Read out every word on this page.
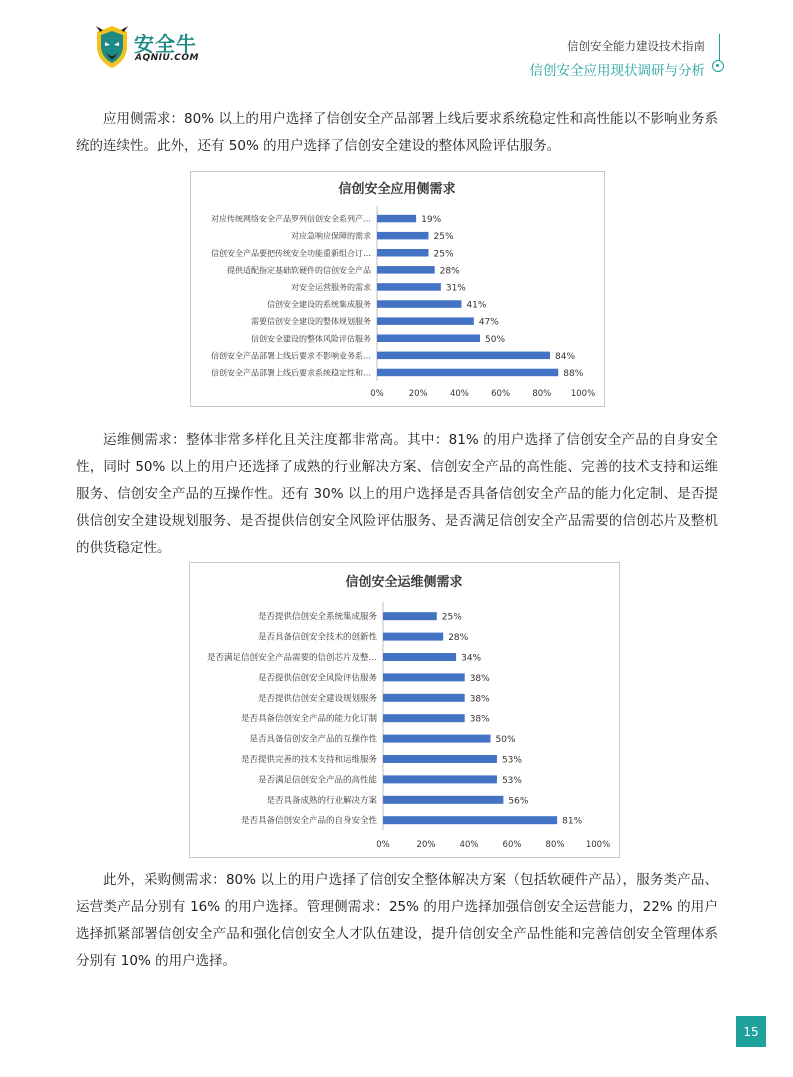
安全牛
AQNIU.COM
信创安全能力建设技术指南
信创安全应用现状调研与分析

应用侧需求：80% 以上的用户选择了信创安全产品部署上线后要求系统稳定性和高性能以不影响业务系统的连续性。此外，还有 50% 的用户选择了信创安全建设的整体风险评估服务。

信创安全应用侧需求
对应传统网络安全产品罗列信创安全系列产…	19%
对应急响应保障的需求	25%
信创安全产品要把传统安全功能重新组合订…	25%
提供适配指定基础软硬件的信创安全产品	28%
对安全运营服务的需求	31%
信创安全建设的系统集成服务	41%
需要信创安全建设的整体规划服务	47%
信创安全建设的整体风险评估服务	50%
信创安全产品部署上线后要求不影响业务系…	84%
信创安全产品部署上线后要求系统稳定性和…	88%
0%	20%	40%	60%	80% 100%

运维侧需求：整体非常多样化且关注度都非常高。其中：81% 的用户选择了信创安全产品的自身安全性，同时 50% 以上的用户还选择了成熟的行业解决方案、信创安全产品的高性能、完善的技术支持和运维服务、信创安全产品的互操作性。还有 30% 以上的用户选择是否具备信创安全产品的能力化定制、是否提供信创安全建设规划服务、是否提供信创安全风险评估服务、是否满足信创安全产品需要的信创芯片及整机的供货稳定性。

信创安全运维侧需求
是否提供信创安全系统集成服务	25%
是否具备信创安全技术的创新性	28%
是否满足信创安全产品需要的信创芯片及整…	34%
是否提供信创安全风险评估服务	38%
是否提供信创安全建设规划服务	38%
是否具备信创安全产品的能力化订制	38%
是否具备信创安全产品的互操作性	50%
是否提供完善的技术支持和运维服务	53%
是否满足信创安全产品的高性能	53%
是否具备成熟的行业解决方案	56%
是否具备信创安全产品的自身安全性	81%
0%	20%	40%	60%	80%	100%

此外，采购侧需求：80% 以上的用户选择了信创安全整体解决方案（包括软硬件产品），服务类产品、运营类产品分别有 16% 的用户选择。管理侧需求：25% 的用户选择加强信创安全运营能力，22% 的用户选择抓紧部署信创安全产品和强化信创安全人才队伍建设，提升信创安全产品性能和完善信创安全管理体系分别有 10% 的用户选择。

15
